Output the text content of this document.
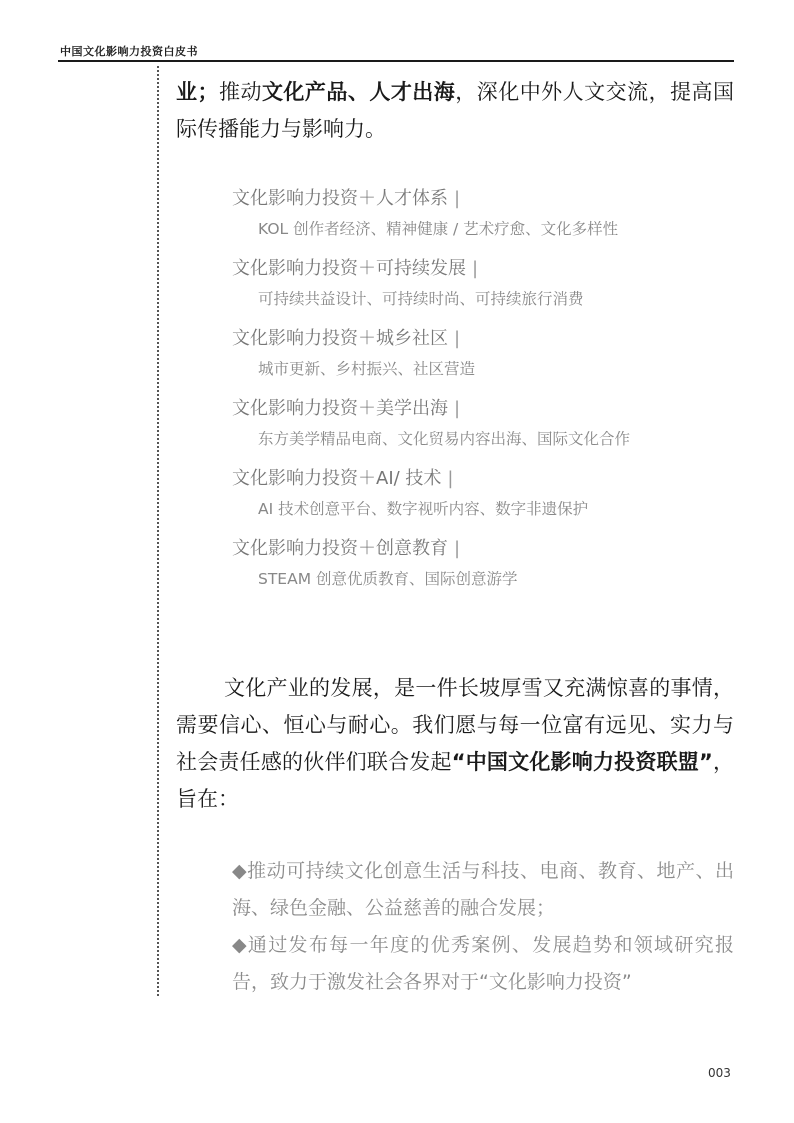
中国文化影响力投资白皮书

业；推动文化产品、人才出海，深化中外人文交流，提高国际传播能力与影响力。

文化影响力投资＋人才体系 |
KOL 创作者经济、精神健康 / 艺术疗愈、文化多样性
文化影响力投资＋可持续发展 |
可持续共益设计、可持续时尚、可持续旅行消费
文化影响力投资＋城乡社区 |
城市更新、乡村振兴、社区营造
文化影响力投资＋美学出海 |
东方美学精品电商、文化贸易内容出海、国际文化合作
文化影响力投资＋AI/ 技术 |
AI 技术创意平台、数字视听内容、数字非遗保护
文化影响力投资＋创意教育 |
STEAM 创意优质教育、国际创意游学

文化产业的发展，是一件长坡厚雪又充满惊喜的事情，需要信心、恒心与耐心。我们愿与每一位富有远见、实力与社会责任感的伙伴们联合发起“中国文化影响力投资联盟”，旨在：

◆推动可持续文化创意生活与科技、电商、教育、地产、出海、绿色金融、公益慈善的融合发展；

◆通过发布每一年度的优秀案例、发展趋势和领域研究报告，致力于激发社会各界对于“文化影响力投资”

003
